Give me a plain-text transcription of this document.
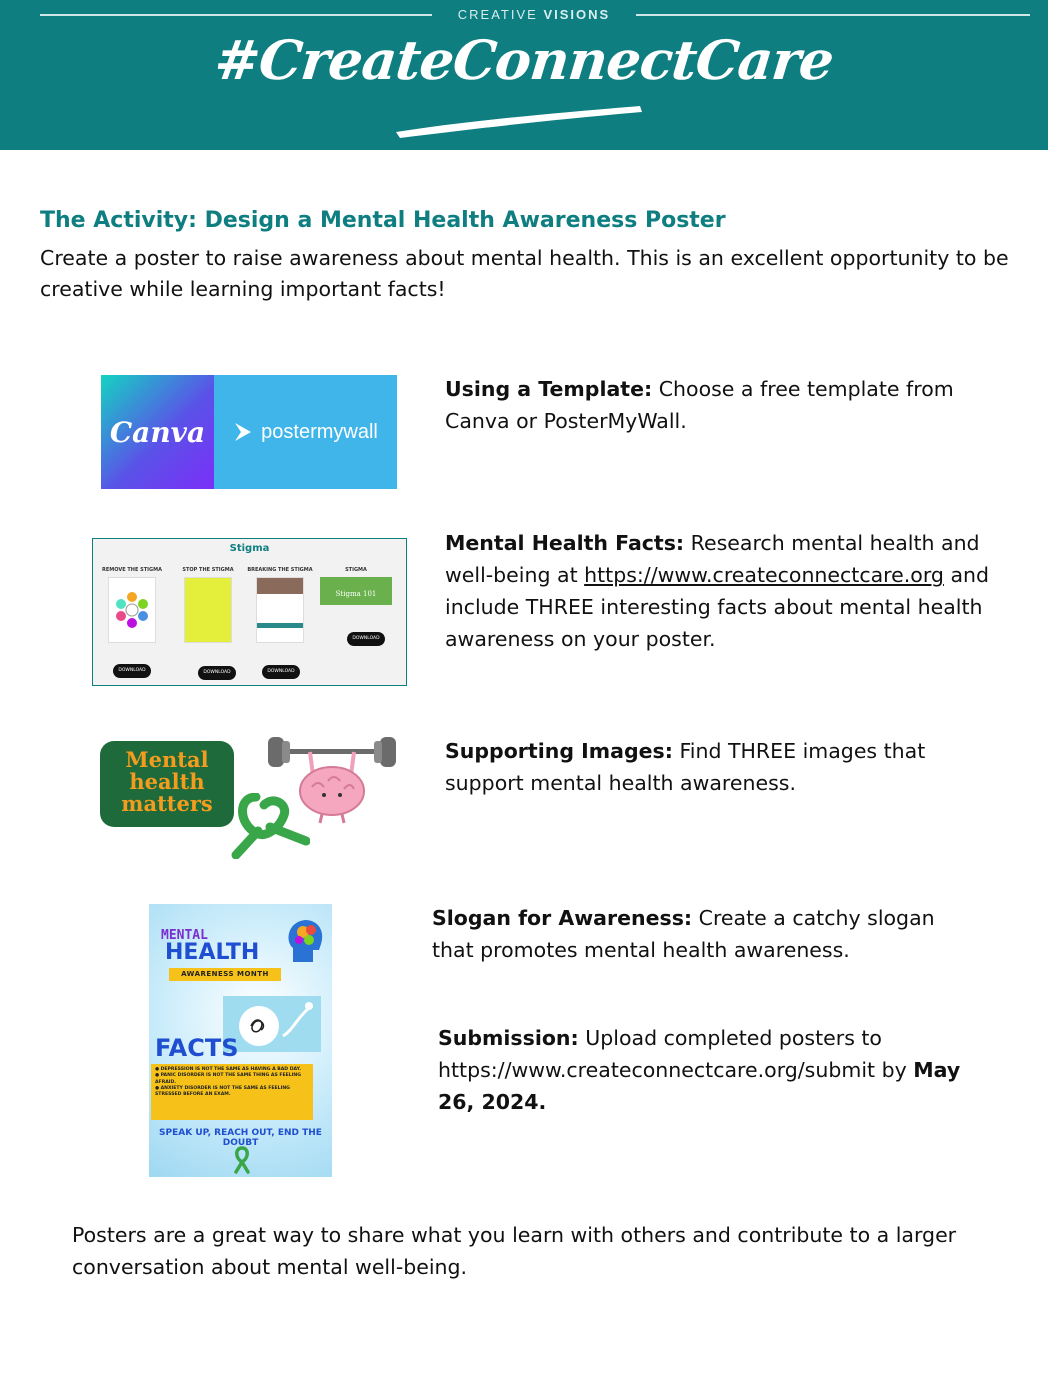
CREATIVE VISIONS
#CreateConnectCare
The Activity: Design a Mental Health Awareness Poster
Create a poster to raise awareness about mental health. This is an excellent opportunity to be creative while learning important facts!
Canva	postermywall
Using a Template: Choose a free template from Canva or PosterMyWall.
Stigma
REMOVE THE STIGMA	STOP THE STIGMA	BREAKING THE STIGMA	STIGMA
Stigma 101
DOWNLOAD	DOWNLOAD	DOWNLOAD
DOWNLOAD
Mental Health Facts: Research mental health and well-being at https://www.createconnectcare.org and include THREE interesting facts about mental health awareness on your poster.
Mental
health
matters
Supporting Images: Find THREE images that support mental health awareness.
MENTAL
HEALTH
AWARENESS MONTH
FACTS
● DEPRESSION IS NOT THE SAME AS HAVING A BAD DAY.
● PANIC DISORDER IS NOT THE SAME THING AS FEELING AFRAID.
● ANXIETY DISORDER IS NOT THE SAME AS FEELING STRESSED BEFORE AN EXAM.
SPEAK UP, REACH OUT, END THE DOUBT
Slogan for Awareness: Create a catchy slogan that promotes mental health awareness.
Submission: Upload completed posters to https://www.createconnectcare.org/submit by May 26, 2024.
Posters are a great way to share what you learn with others and contribute to a larger conversation about mental well-being.
